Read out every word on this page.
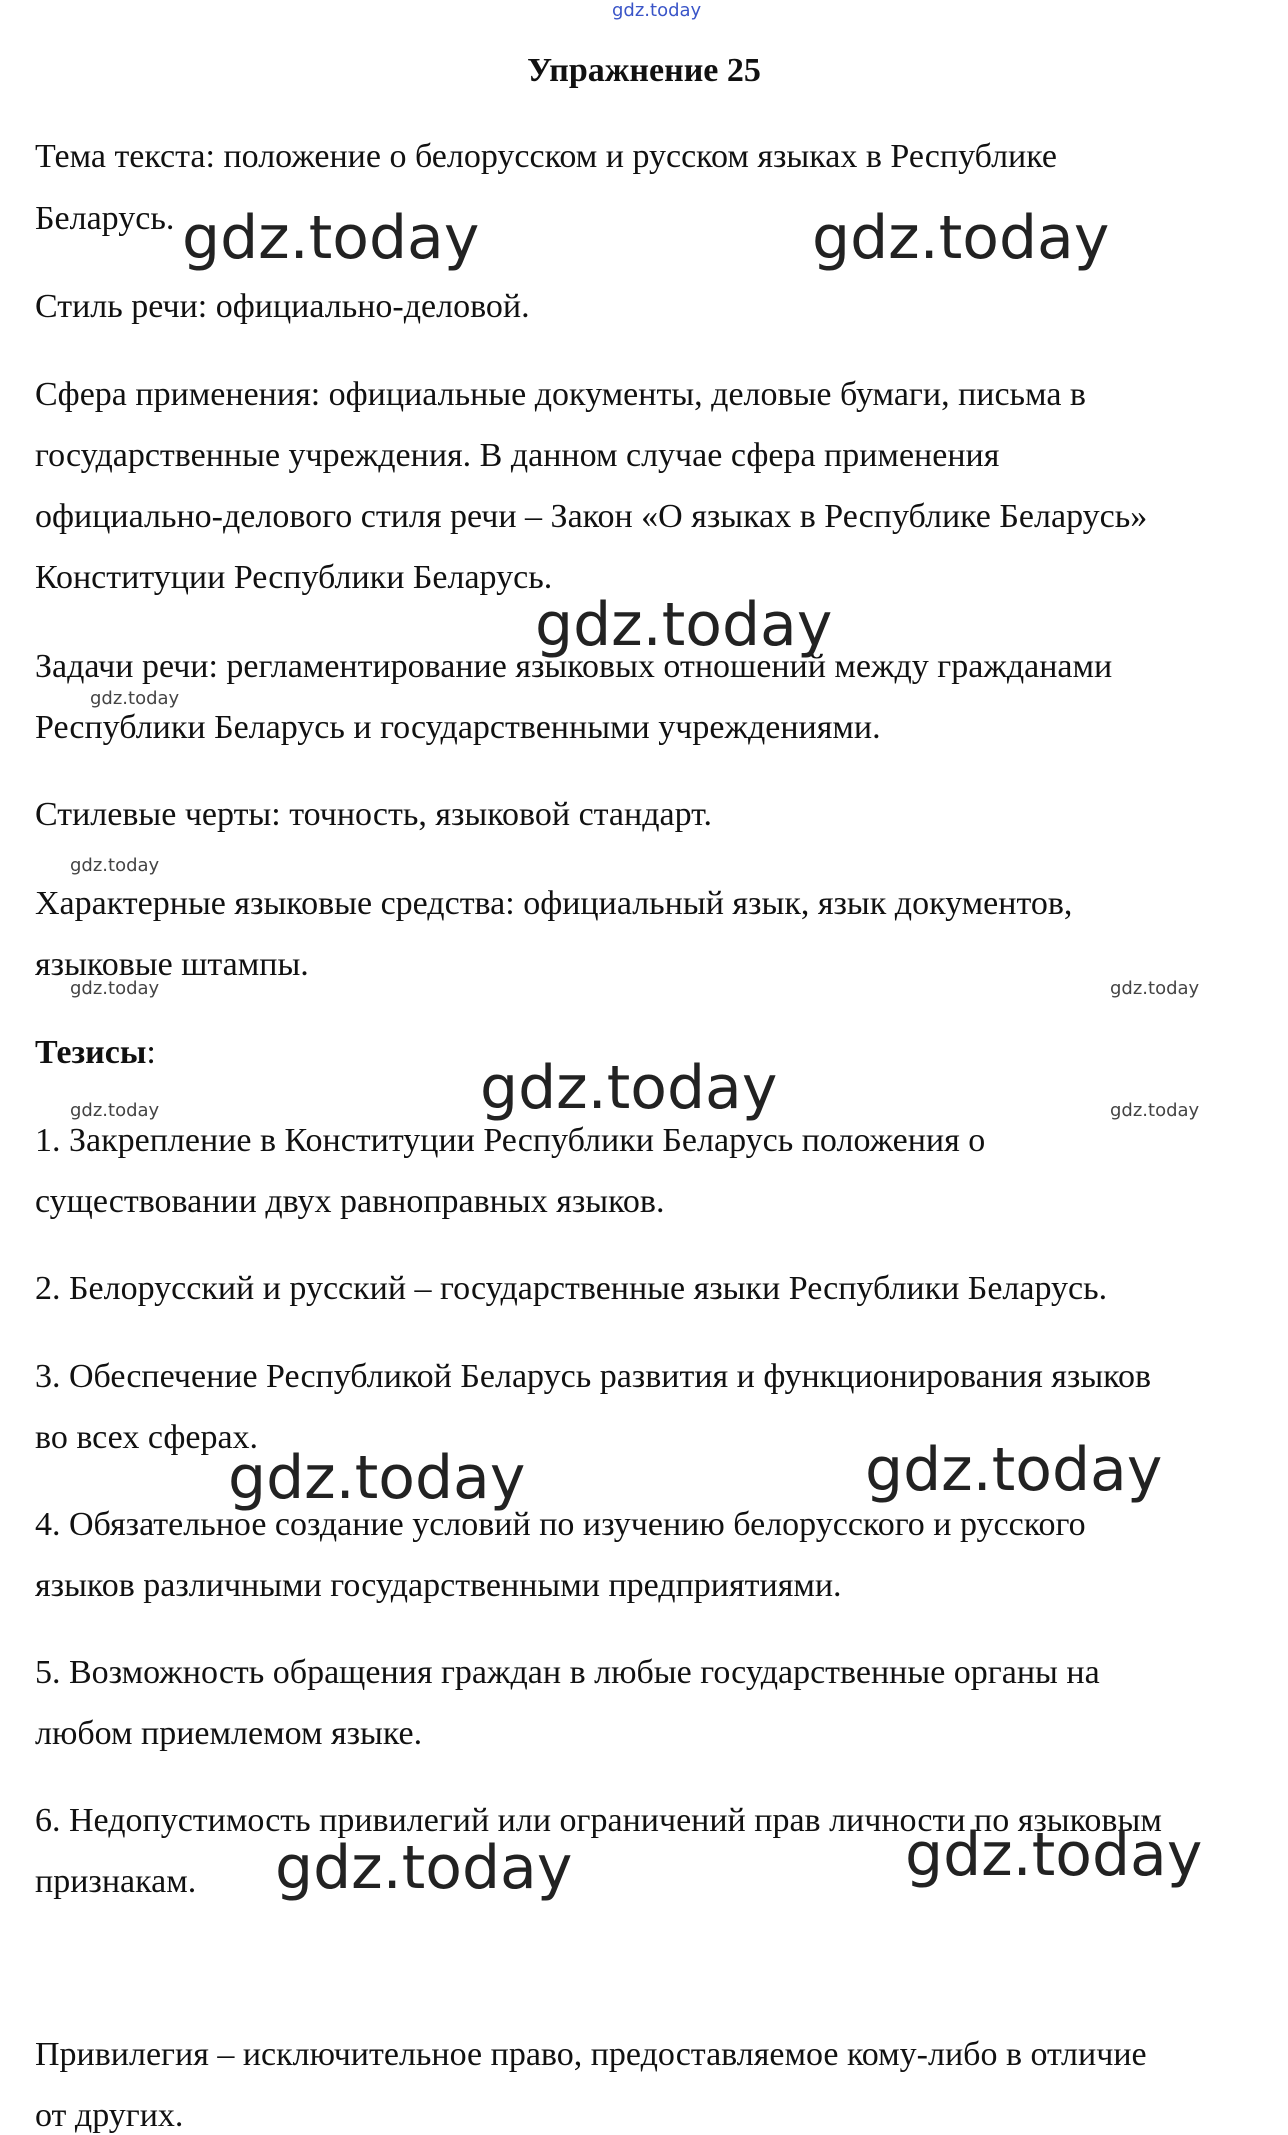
gdz.today
Упражнение 25
Тема текста: положение о белорусском и русском языках в Республике
Беларусь.
Стиль речи: официально-деловой.
Сфера применения: официальные документы, деловые бумаги, письма в
государственные учреждения. В данном случае сфера применения
официально-делового стиля речи – Закон «О языках в Республике Беларусь»
Конституции Республики Беларусь.
Задачи речи: регламентирование языковых отношений между гражданами
Республики Беларусь и государственными учреждениями.
Стилевые черты: точность, языковой стандарт.
Характерные языковые средства: официальный язык, язык документов,
языковые штампы.
Тезисы:
1. Закрепление в Конституции Республики Беларусь положения о
существовании двух равноправных языков.
2. Белорусский и русский – государственные языки Республики Беларусь.
3. Обеспечение Республикой Беларусь развития и функционирования языков
во всех сферах.
4. Обязательное создание условий по изучению белорусского и русского
языков различными государственными предприятиями.
5. Возможность обращения граждан в любые государственные органы на
любом приемлемом языке.
6. Недопустимость привилегий или ограничений прав личности по языковым
признакам.
Привилегия – исключительное право, предоставляемое кому-либо в отличие
от других.
gdz.today	gdz.today
gdz.today
gdz.today
gdz.today
gdz.today	gdz.today
gdz.today
gdz.today	gdz.today
gdz.today	gdz.today
gdz.today	gdz.today
